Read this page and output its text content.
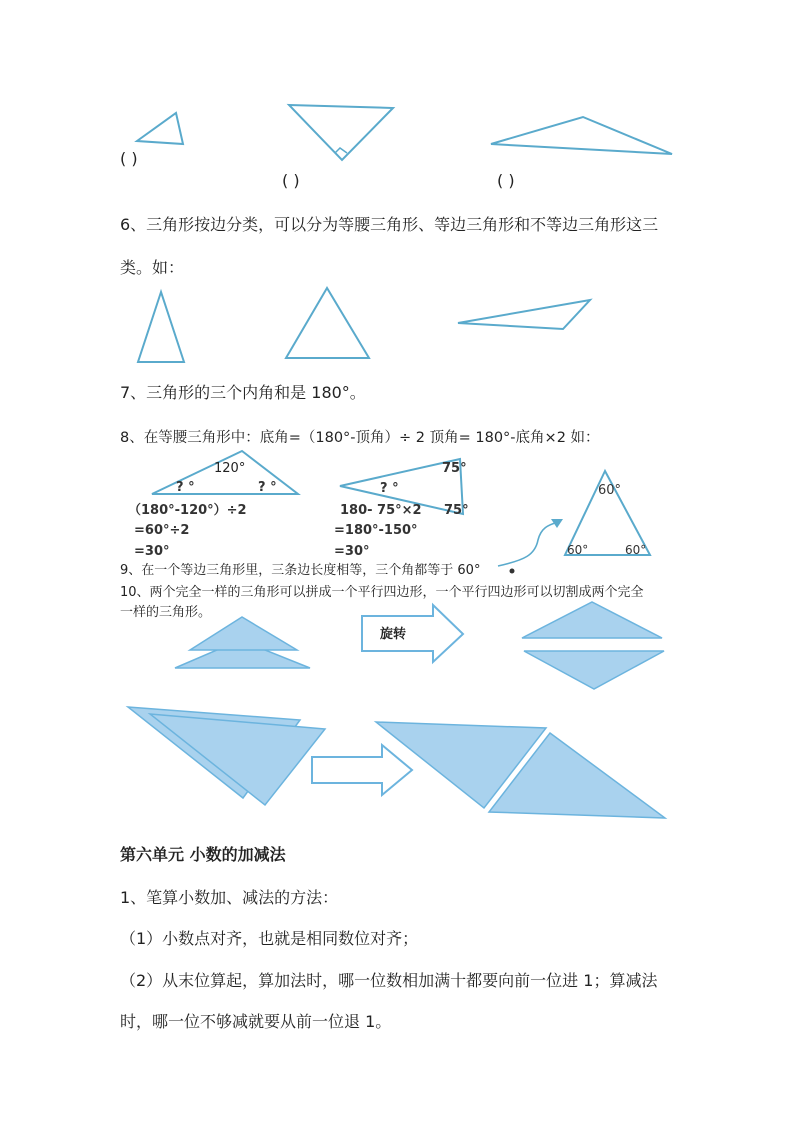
( )
( )	( )
6、三角形按边分类，可以分为等腰三角形、等边三角形和不等边三角形这三
类。如：
7、三角形的三个内角和是 180°。
8、在等腰三角形中：底角=（180°-顶角）÷ 2 顶角= 180°-底角×2 如：
120°
? °	? °
（180°-120°）÷2
=60°÷2
=30°
75°
? °
75°
180- 75°×2
=180°-150°
=30°
60°
60°	60°
9、在一个等边三角形里，三条边长度相等，三个角都等于 60°
10、两个完全一样的三角形可以拼成一个平行四边形，一个平行四边形可以切割成两个完全
一样的三角形。
旋转
第六单元 小数的加减法
1、笔算小数加、减法的方法：
（1）小数点对齐，也就是相同数位对齐；
（2）从末位算起，算加法时，哪一位数相加满十都要向前一位进 1；算减法
时，哪一位不够减就要从前一位退 1。
